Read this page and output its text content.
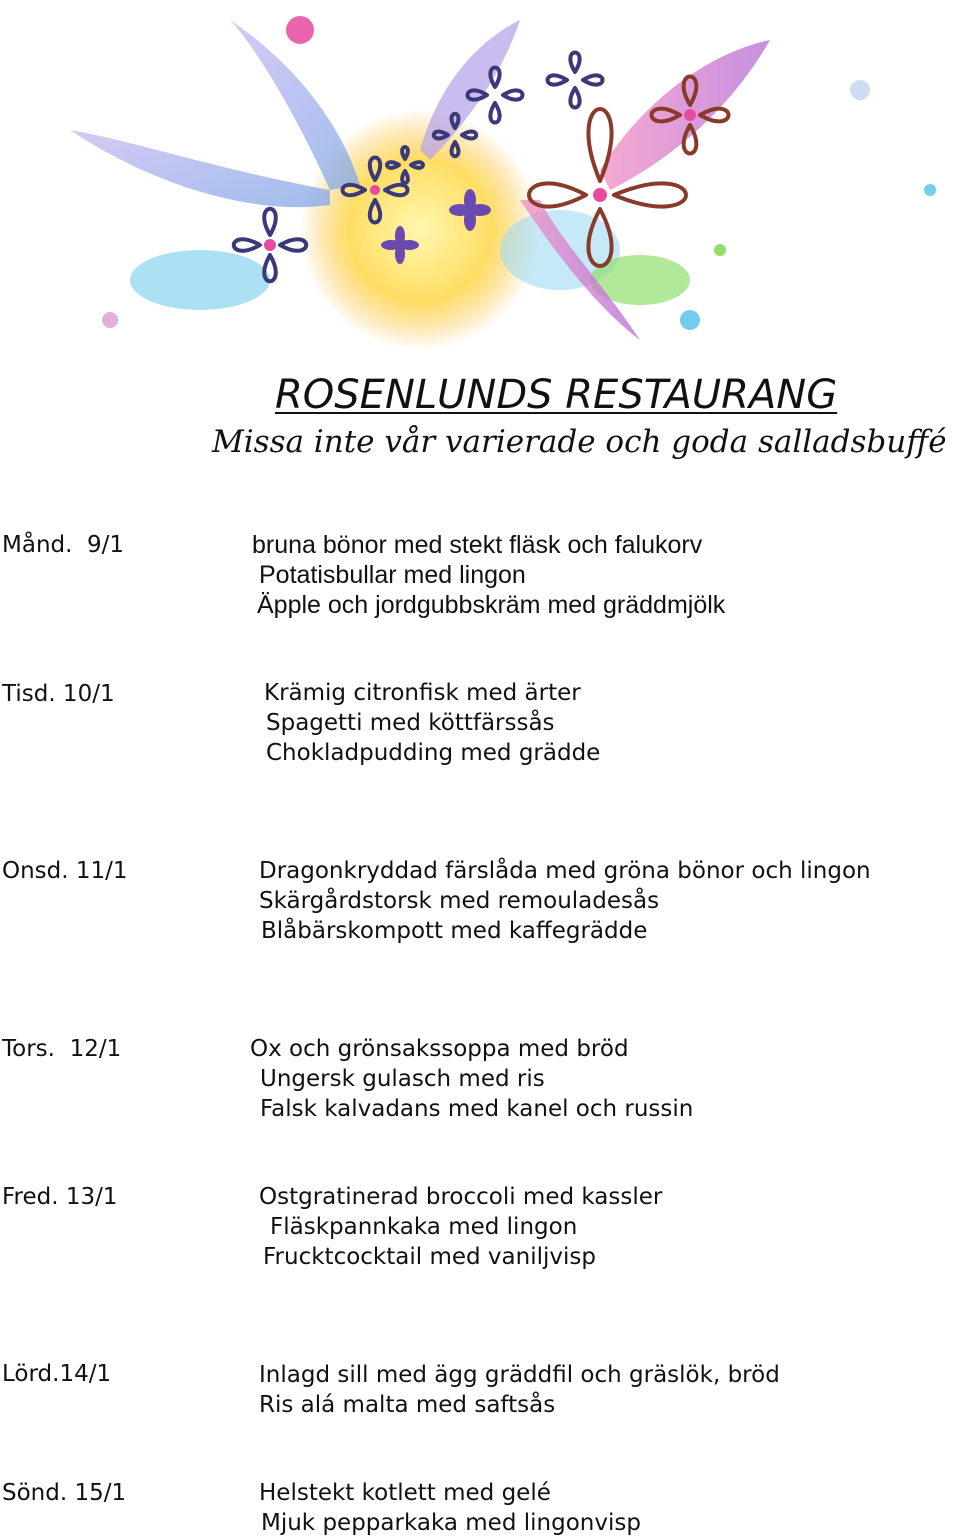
ROSENLUNDS RESTAURANG
Missa inte vår varierade och goda salladsbuffé
Månd.  9/1	bruna bönor med stekt fläsk och falukorv
Potatisbullar med lingon
Äpple och jordgubbskräm med gräddmjölk
Tisd. 10/1	Krämig citronfisk med ärter
Spagetti med köttfärssås
Chokladpudding med grädde
Onsd. 11/1	Dragonkryddad färslåda med gröna bönor och lingon
Skärgårdstorsk med remouladesås
Blåbärskompott med kaffegrädde
Tors.  12/1	Ox och grönsakssoppa med bröd
Ungersk gulasch med ris
Falsk kalvadans med kanel och russin
Fred. 13/1	Ostgratinerad broccoli med kassler
Fläskpannkaka med lingon
Frucktcocktail med vaniljvisp
Lörd.14/1	Inlagd sill med ägg gräddfil och gräslök, bröd
Ris alá malta med saftsås
Sönd. 15/1	Helstekt kotlett med gelé
Mjuk pepparkaka med lingonvisp
